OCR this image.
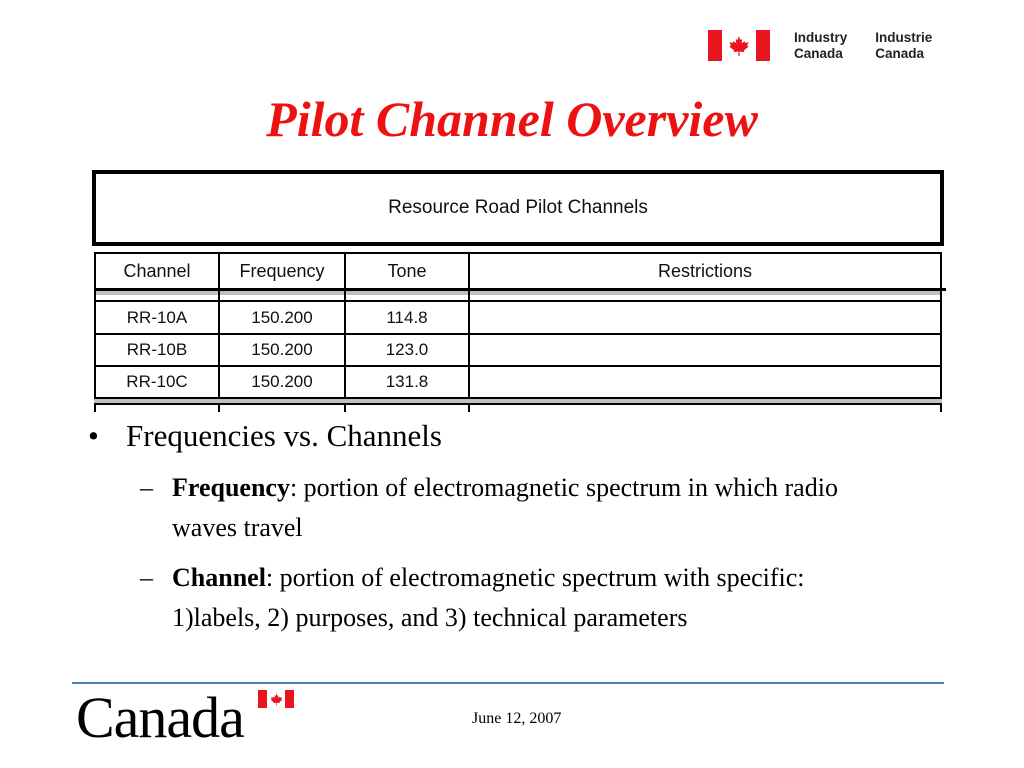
Industry
Canada
Industrie
Canada
Pilot Channel Overview
Resource Road Pilot Channels
Channel	Frequency	Tone	Restrictions
RR-10A	150.200	114.8
RR-10B	150.200	123.0
RR-10C	150.200	131.8
• Frequencies vs. Channels
– Frequency: portion of electromagnetic spectrum in which radio waves travel
– Channel: portion of electromagnetic spectrum with specific: 1)labels, 2) purposes, and 3) technical parameters
Canada	June 12, 2007
